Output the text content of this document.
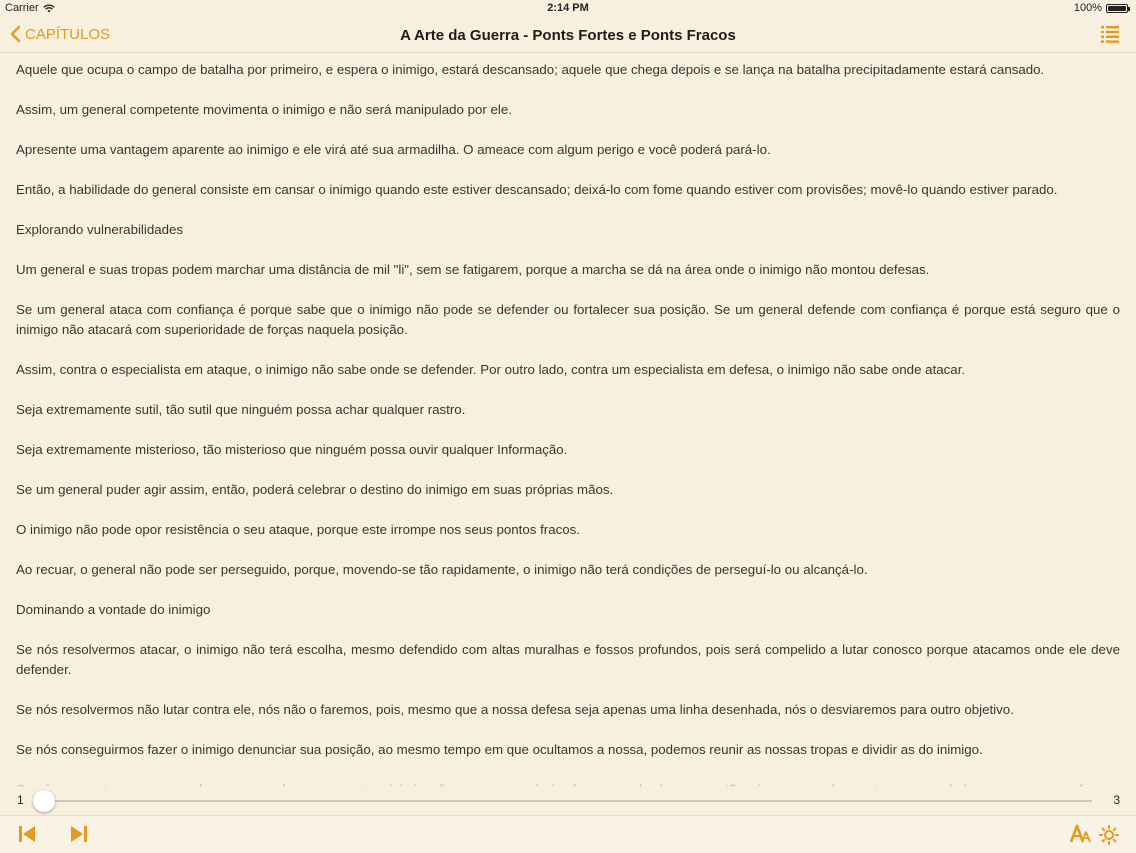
Carrier	2:14 PM	100%
CAPÍTULOS	A Arte da Guerra - Ponts Fortes e Ponts Fracos

Aquele que ocupa o campo de batalha por primeiro, e espera o inimigo, estará descansado; aquele que chega depois e se lança na batalha precipitadamente estará cansado.

Assim, um general competente movimenta o inimigo e não será manipulado por ele.

Apresente uma vantagem aparente ao inimigo e ele virá até sua armadilha. O ameace com algum perigo e você poderá pará-lo.

Então, a habilidade do general consiste em cansar o inimigo quando este estiver descansado; deixá-lo com fome quando estiver com provisões; movê-lo quando estiver parado.

Explorando vulnerabilidades

Um general e suas tropas podem marchar uma distância de mil "li", sem se fatigarem, porque a marcha se dá na área onde o inimigo não montou defesas.

Se um general ataca com confiança é porque sabe que o inimigo não pode se defender ou fortalecer sua posição. Se um general defende com confiança é porque está seguro que o inimigo não atacará com superioridade de forças naquela posição.

Assim, contra o especialista em ataque, o inimigo não sabe onde se defender. Por outro lado, contra um especialista em defesa, o inimigo não sabe onde atacar.

Seja extremamente sutil, tão sutil que ninguém possa achar qualquer rastro.

Seja extremamente misterioso, tão misterioso que ninguém possa ouvir qualquer Informação.

Se um general puder agir assim, então, poderá celebrar o destino do inimigo em suas próprias mãos.

O inimigo não pode opor resistência o seu ataque, porque este irrompe nos seus pontos fracos.

Ao recuar, o general não pode ser perseguido, porque, movendo-se tão rapidamente, o inimigo não terá condições de perseguí-lo ou alcançá-lo.

Dominando a vontade do inimigo

Se nós resolvermos atacar, o inimigo não terá escolha, mesmo defendido com altas muralhas e fossos profundos, pois será compelido a lutar conosco porque atacamos onde ele deve defender.

Se nós resolvermos não lutar contra ele, nós não o faremos, pois, mesmo que a nossa defesa seja apenas uma linha desenhada, nós o desviaremos para outro objetivo.

Se nós conseguirmos fazer o inimigo denunciar sua posição, ao mesmo tempo em que ocultamos a nossa, podemos reunir as nossas tropas e dividir as do inimigo.

1	3
